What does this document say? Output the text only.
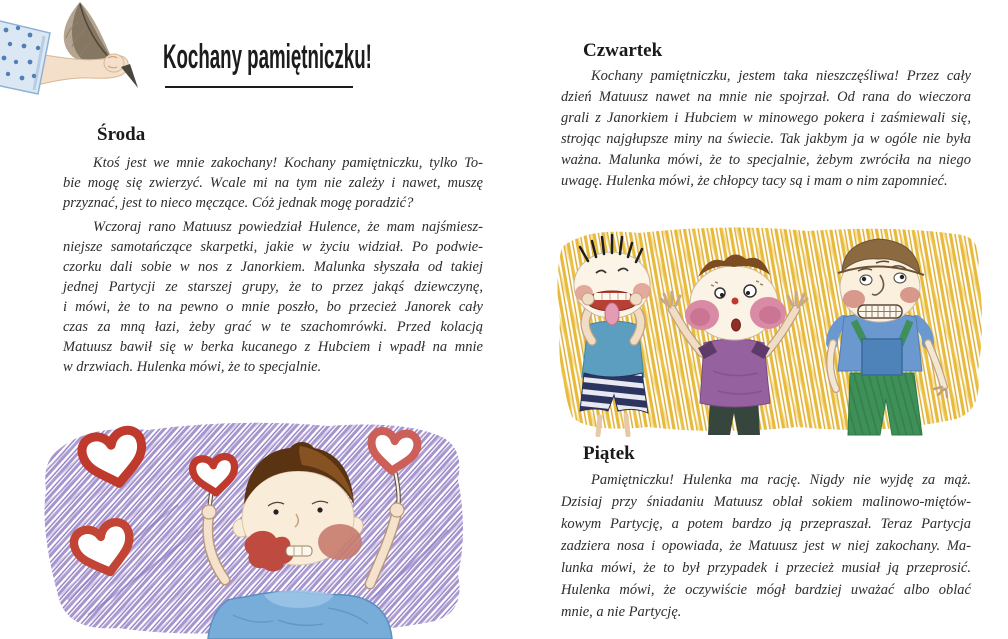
Kochany pamiętniczku!
Środa
Ktoś jest we mnie zakochany! Kochany pamiętniczku, tylko To-
bie mogę się zwierzyć. Wcale mi na tym nie zależy i nawet, muszę
przyznać, jest to nieco męczące. Cóż jednak mogę poradzić?
Wczoraj rano Matuusz powiedział Hulence, że mam najśmiesz-
niejsze samotańczące skarpetki, jakie w życiu widział. Po podwie-
czorku dali sobie w nos z Janorkiem. Malunka słyszała od takiej
jednej Partycji ze starszej grupy, że to przez jakąś dziewczynę,
i mówi, że to na pewno o mnie poszło, bo przecież Janorek cały
czas za mną łazi, żeby grać w te szachomrówki. Przed kolacją
Matuusz bawił się w berka kucanego z Hubciem i wpadł na mnie
w drzwiach. Hulenka mówi, że to specjalnie.
Czwartek
Kochany pamiętniczku, jestem taka nieszczęśliwa! Przez cały
dzień Matuusz nawet na mnie nie spojrzał. Od rana do wieczora
grali z Janorkiem i Hubciem w minowego pokera i zaśmiewali się,
strojąc najgłupsze miny na świecie. Tak jakbym ja w ogóle nie była
ważna. Malunka mówi, że to specjalnie, żebym zwróciła na niego
uwagę. Hulenka mówi, że chłopcy tacy są i mam o nim zapomnieć.
Piątek
Pamiętniczku! Hulenka ma rację. Nigdy nie wyjdę za mąż.
Dzisiaj przy śniadaniu Matuusz oblał sokiem malinowo-miętów-
kowym Partycję, a potem bardzo ją przepraszał. Teraz Partycja
zadziera nosa i opowiada, że Matuusz jest w niej zakochany. Ma-
lunka mówi, że to był przypadek i przecież musiał ją przeprosić.
Hulenka mówi, że oczywiście mógł bardziej uważać albo oblać
mnie, a nie Partycję.
